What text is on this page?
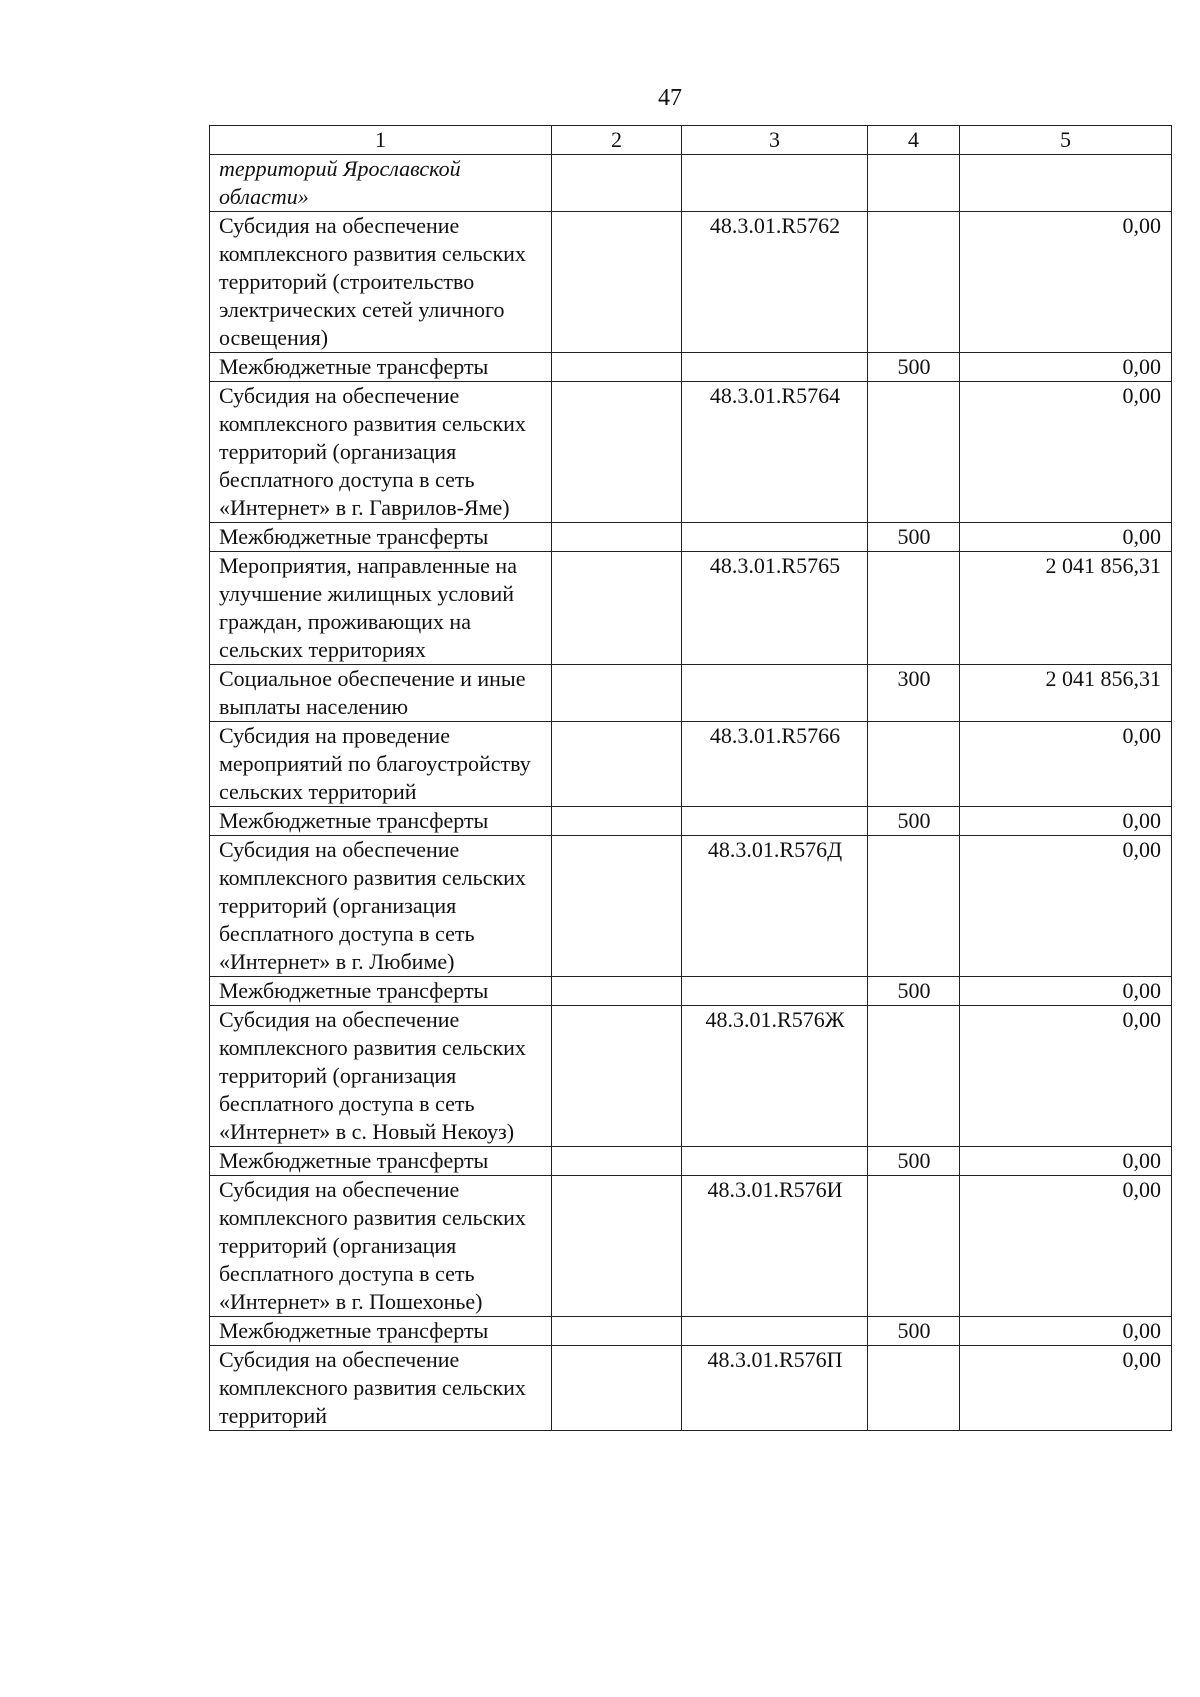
47
1	2	3	4	5
территорий Ярославской области»				
Субсидия на обеспечение комплексного развития сельских территорий (строительство электрических сетей уличного освещения)		48.3.01.R5762		0,00
Межбюджетные трансферты			500	0,00
Субсидия на обеспечение комплексного развития сельских территорий (организация бесплатного доступа в сеть «Интернет» в г. Гаврилов-Яме)		48.3.01.R5764		0,00
Межбюджетные трансферты			500	0,00
Мероприятия, направленные на улучшение жилищных условий граждан, проживающих на сельских территориях		48.3.01.R5765		2 041 856,31
Социальное обеспечение и иные выплаты населению			300	2 041 856,31
Субсидия на проведение мероприятий по благоустройству сельских территорий		48.3.01.R5766		0,00
Межбюджетные трансферты			500	0,00
Субсидия на обеспечение комплексного развития сельских территорий (организация бесплатного доступа в сеть «Интернет» в г. Любиме)		48.3.01.R576Д		0,00
Межбюджетные трансферты			500	0,00
Субсидия на обеспечение комплексного развития сельских территорий (организация бесплатного доступа в сеть «Интернет» в с. Новый Некоуз)		48.3.01.R576Ж		0,00
Межбюджетные трансферты			500	0,00
Субсидия на обеспечение комплексного развития сельских территорий (организация бесплатного доступа в сеть «Интернет» в г. Пошехонье)		48.3.01.R576И		0,00
Межбюджетные трансферты			500	0,00
Субсидия на обеспечение комплексного развития сельских территорий		48.3.01.R576П		0,00
